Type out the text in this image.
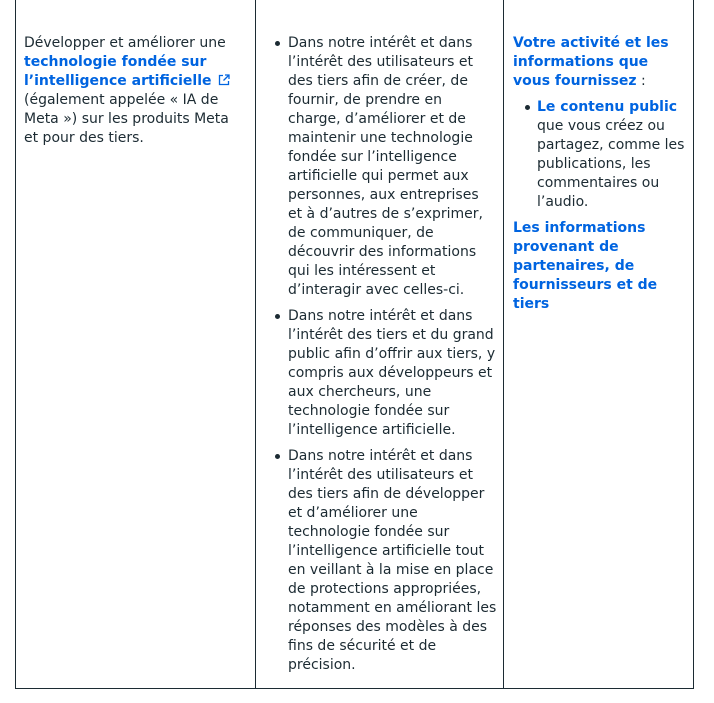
Développer et améliorer une
technologie fondée sur l’intelligence artificielle
(également appelée « IA de Meta ») sur les produits Meta et pour des tiers.
Dans notre intérêt et dans l’intérêt des utilisateurs et des tiers afin de créer, de fournir, de prendre en charge, d’améliorer et de maintenir une technologie fondée sur l’intelligence artificielle qui permet aux personnes, aux entreprises et à d’autres de s’exprimer, de communiquer, de découvrir des informations qui les intéressent et d’interagir avec celles-ci.
Dans notre intérêt et dans l’intérêt des tiers et du grand public afin d’offrir aux tiers, y compris aux développeurs et aux chercheurs, une technologie fondée sur l’intelligence artificielle.
Dans notre intérêt et dans l’intérêt des utilisateurs et des tiers afin de développer et d’améliorer une technologie fondée sur l’intelligence artificielle tout en veillant à la mise en place de protections appropriées, notamment en améliorant les réponses des modèles à des fins de sécurité et de précision.
Votre activité et les informations que vous fournissez :
Le contenu public que vous créez ou partagez, comme les publications, les commentaires ou l’audio.
Les informations provenant de partenaires, de fournisseurs et de tiers
